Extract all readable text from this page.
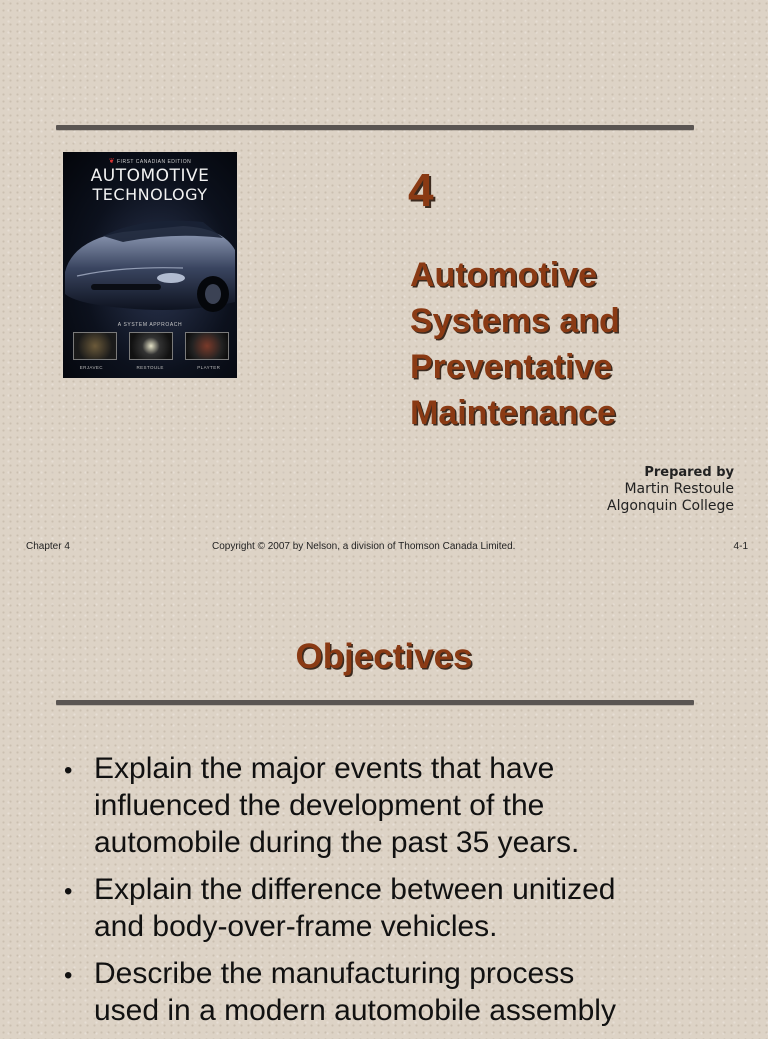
❦ FIRST CANADIAN EDITION
AUTOMOTIVE
TECHNOLOGY
A SYSTEM APPROACH
ERJAVEC	RESTOULE	PLAYTER
4
Automotive
Systems and
Preventative
Maintenance
Prepared by
Martin Restoule
Algonquin College
Chapter 4	Copyright © 2007 by Nelson, a division of Thomson Canada Limited.	4-1
Objectives
• Explain the major events that have
influenced the development of the
automobile during the past 35 years.
• Explain the difference between unitized
and body-over-frame vehicles.
• Describe the manufacturing process
used in a modern automobile assembly
